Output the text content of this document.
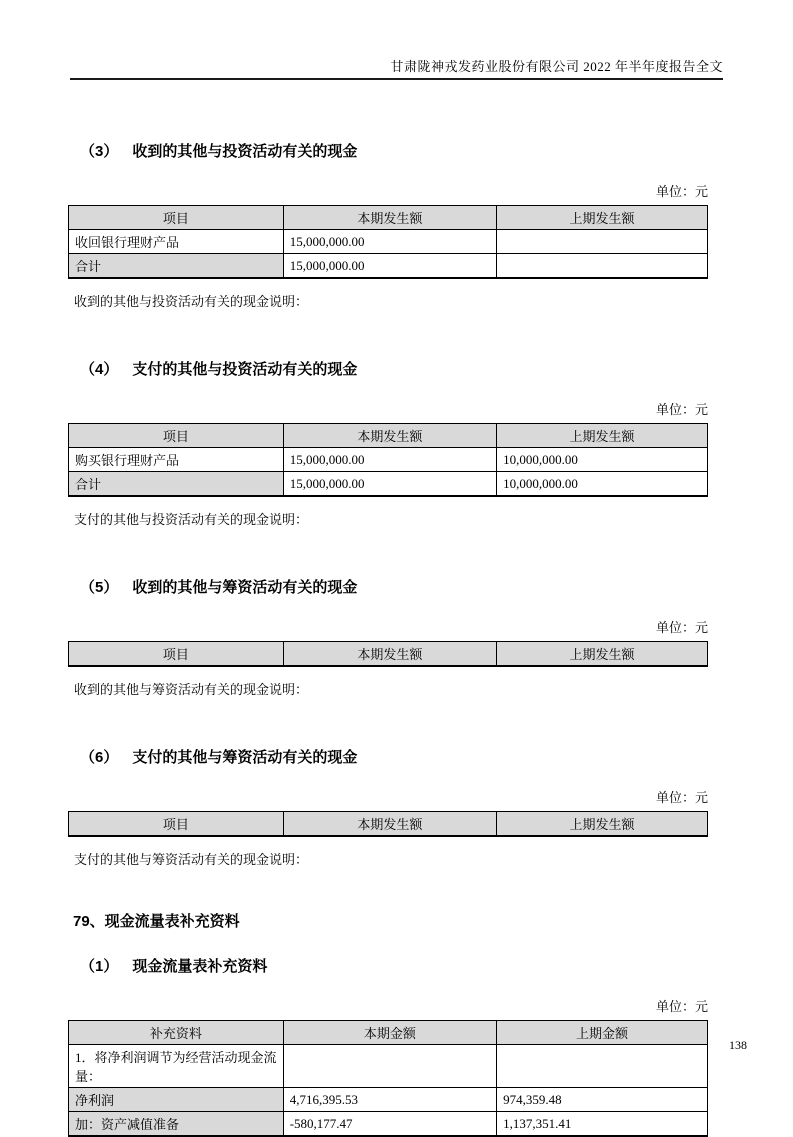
甘肃陇神戎发药业股份有限公司 2022 年半年度报告全文
（3） 收到的其他与投资活动有关的现金
单位：元
项目	本期发生额	上期发生额
收回银行理财产品	15,000,000.00	
合计	15,000,000.00	

收到的其他与投资活动有关的现金说明：

（4） 支付的其他与投资活动有关的现金
单位：元
项目	本期发生额	上期发生额
购买银行理财产品	15,000,000.00	10,000,000.00
合计	15,000,000.00	10,000,000.00

支付的其他与投资活动有关的现金说明：

（5） 收到的其他与筹资活动有关的现金
单位：元
项目	本期发生额	上期发生额

收到的其他与筹资活动有关的现金说明：

（6） 支付的其他与筹资活动有关的现金
单位：元
项目	本期发生额	上期发生额

支付的其他与筹资活动有关的现金说明：

79、现金流量表补充资料
（1） 现金流量表补充资料
单位：元
补充资料	本期金额	上期金额
1．将净利润调节为经营活动现金流量：		
净利润	4,716,395.53	974,359.48
加：资产减值准备	-580,177.47	1,137,351.41
138
